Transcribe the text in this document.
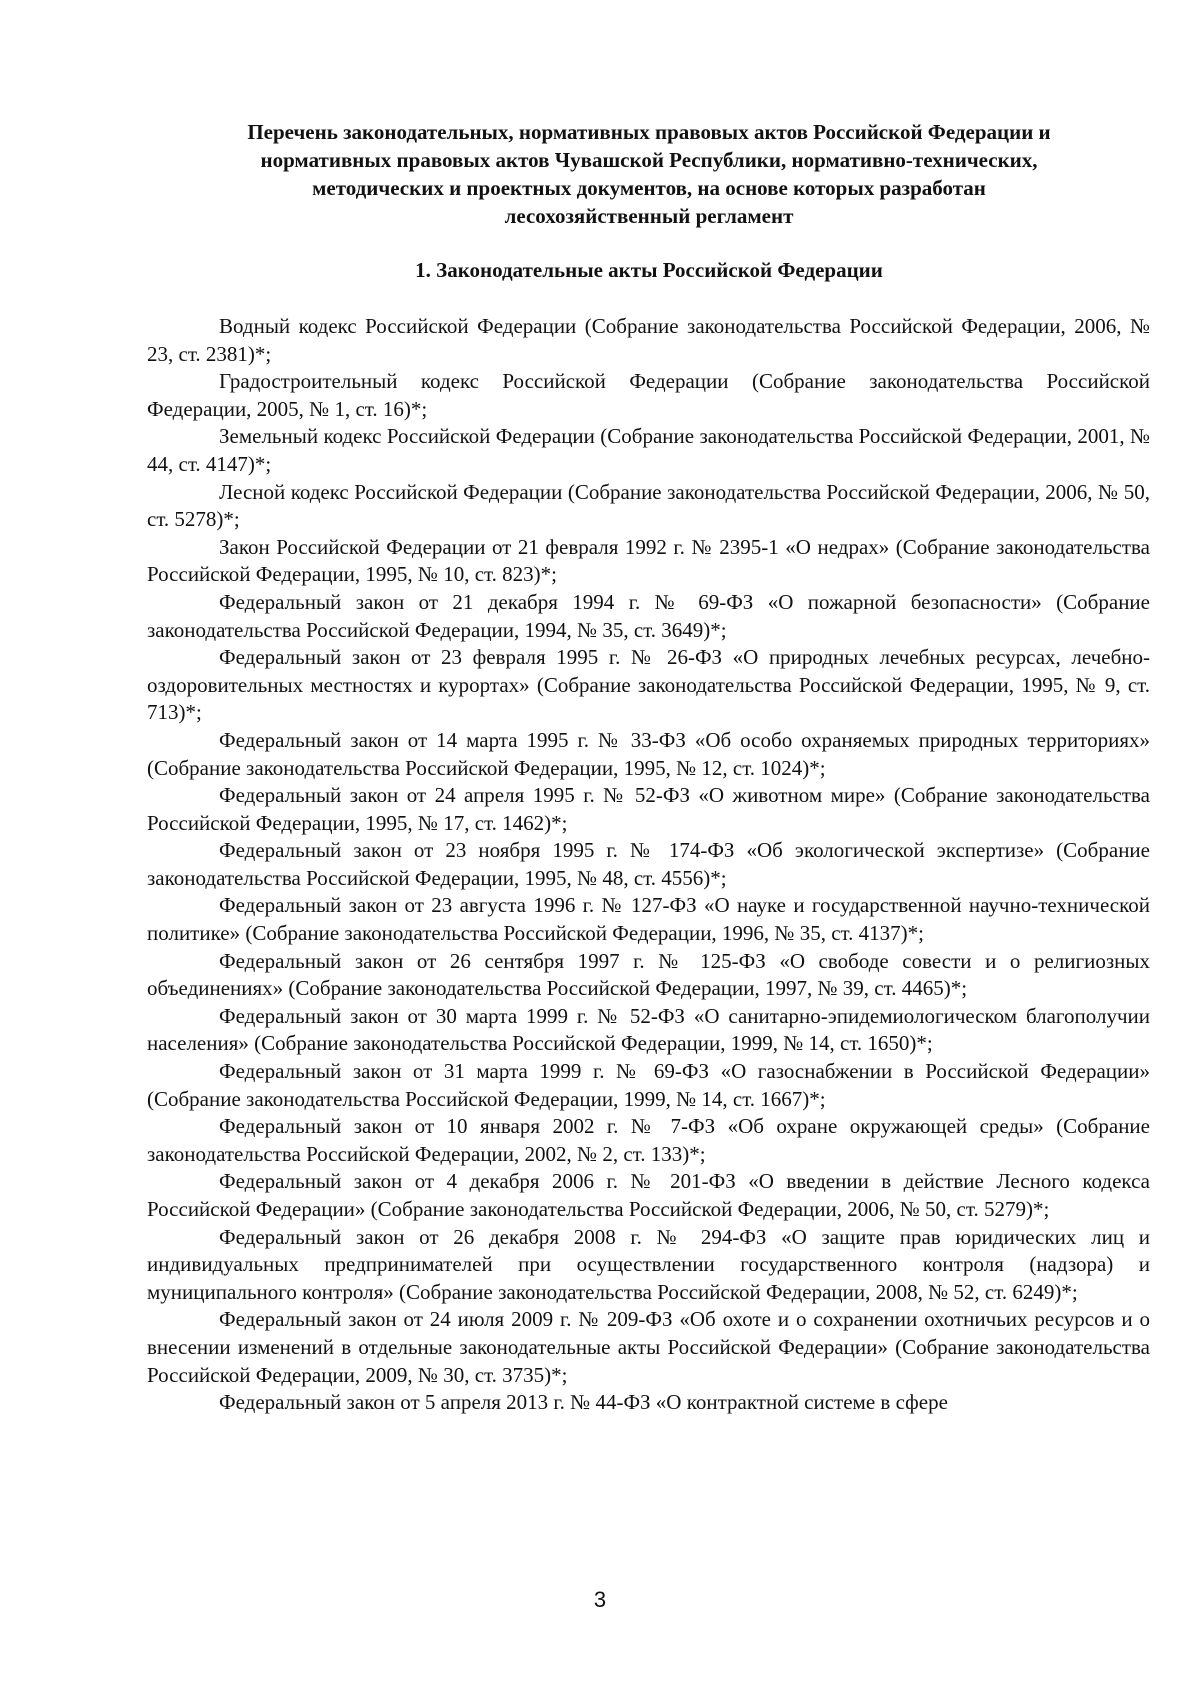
Перечень законодательных, нормативных правовых актов Российской Федерации и
нормативных правовых актов Чувашской Республики, нормативно-технических,
методических и проектных документов, на основе которых разработан
лесохозяйственный регламент
1. Законодательные акты Российской Федерации

Водный кодекс Российской Федерации (Собрание законодательства Российской Федерации, 2006, № 23, ст. 2381)*;

Градостроительный кодекс Российской Федерации (Собрание законодательства Российской Федерации, 2005, № 1, ст. 16)*;

Земельный кодекс Российской Федерации (Собрание законодательства Российской Федерации, 2001, № 44, ст. 4147)*;

Лесной кодекс Российской Федерации (Собрание законодательства Российской Федерации, 2006, № 50, ст. 5278)*;

Закон Российской Федерации от 21 февраля 1992 г. № 2395-1 «О недрах» (Собрание законодательства Российской Федерации, 1995, № 10, ст. 823)*;

Федеральный закон от 21 декабря 1994 г. № 69-ФЗ «О пожарной безопасности» (Собрание законодательства Российской Федерации, 1994, № 35, ст. 3649)*;

Федеральный закон от 23 февраля 1995 г. № 26-ФЗ «О природных лечебных ресурсах, лечебно-оздоровительных местностях и курортах» (Собрание законодательства Российской Федерации, 1995, № 9, ст. 713)*;

Федеральный закон от 14 марта 1995 г. № 33-ФЗ «Об особо охраняемых природных территориях» (Собрание законодательства Российской Федерации, 1995, № 12, ст. 1024)*;

Федеральный закон от 24 апреля 1995 г. № 52-ФЗ «О животном мире» (Собрание законодательства Российской Федерации, 1995, № 17, ст. 1462)*;

Федеральный закон от 23 ноября 1995 г. № 174-ФЗ «Об экологической экспертизе» (Собрание законодательства Российской Федерации, 1995, № 48, ст. 4556)*;

Федеральный закон от 23 августа 1996 г. № 127-ФЗ «О науке и государственной научно-технической политике» (Собрание законодательства Российской Федерации, 1996, № 35, ст. 4137)*;

Федеральный закон от 26 сентября 1997 г. № 125-ФЗ «О свободе совести и о религиозных объединениях» (Собрание законодательства Российской Федерации, 1997, № 39, ст. 4465)*;

Федеральный закон от 30 марта 1999 г. № 52-ФЗ «О санитарно-эпидемиологическом благополучии населения» (Собрание законодательства Российской Федерации, 1999, № 14, ст. 1650)*;

Федеральный закон от 31 марта 1999 г. № 69-ФЗ «О газоснабжении в Российской Федерации» (Собрание законодательства Российской Федерации, 1999, № 14, ст. 1667)*;

Федеральный закон от 10 января 2002 г. № 7-ФЗ «Об охране окружающей среды» (Собрание законодательства Российской Федерации, 2002, № 2, ст. 133)*;

Федеральный закон от 4 декабря 2006 г. № 201-ФЗ «О введении в действие Лесного кодекса Российской Федерации» (Собрание законодательства Российской Федерации, 2006, № 50, ст. 5279)*;

Федеральный закон от 26 декабря 2008 г. № 294-ФЗ «О защите прав юридических лиц и индивидуальных предпринимателей при осуществлении государственного контроля (надзора) и муниципального контроля» (Собрание законодательства Российской Федерации, 2008, № 52, ст. 6249)*;

Федеральный закон от 24 июля 2009 г. № 209-ФЗ «Об охоте и о сохранении охотничьих ресурсов и о внесении изменений в отдельные законодательные акты Российской Федерации» (Собрание законодательства Российской Федерации, 2009, № 30, ст. 3735)*;

Федеральный закон от 5 апреля 2013 г. № 44-ФЗ «О контрактной системе в сфере

3
